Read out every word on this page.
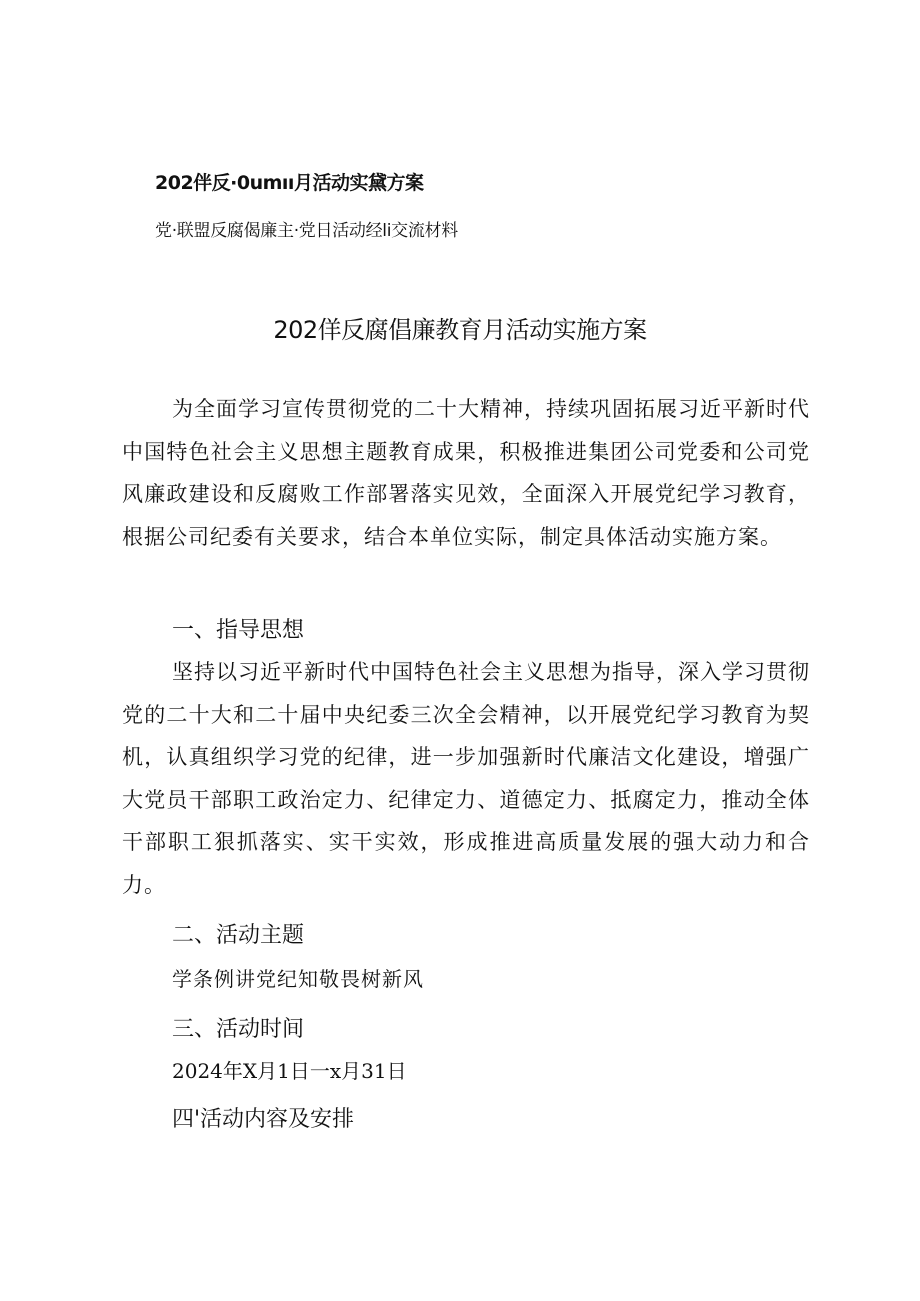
202伴反·0umıı月活动实黛方案
党·联盟反腐偈廉主·党日活动经li交流材料
202佯反腐倡廉教育月活动实施方案
为全面学习宣传贯彻党的二十大精神，持续巩固拓展习近平新时代中国特色社会主义思想主题教育成果，积极推进集团公司党委和公司党风廉政建设和反腐败工作部署落实见效，全面深入开展党纪学习教育，根据公司纪委有关要求，结合本单位实际，制定具体活动实施方案。
一、指导思想
坚持以习近平新时代中国特色社会主义思想为指导，深入学习贯彻党的二十大和二十届中央纪委三次全会精神，以开展党纪学习教育为契机，认真组织学习党的纪律，进一步加强新时代廉洁文化建设，增强广大党员干部职工政治定力、纪律定力、道德定力、抵腐定力，推动全体干部职工狠抓落实、实干实效，形成推进高质量发展的强大动力和合力。
二、活动主题
学条例讲党纪知敬畏树新风
三、活动时间
2024年X月1日一x月31日
四'活动内容及安排
